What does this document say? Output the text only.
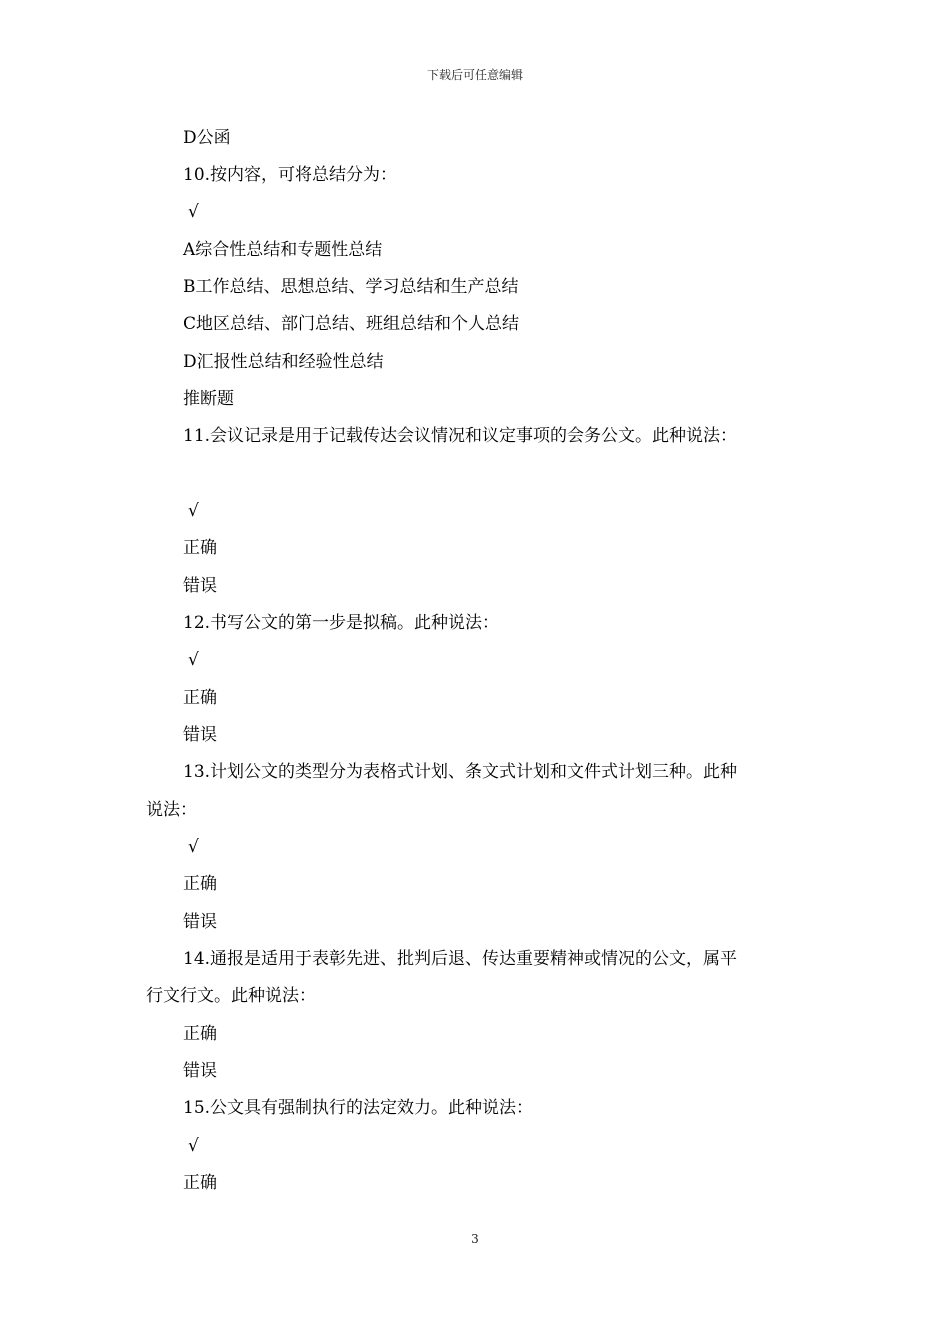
下载后可任意编辑
D公函
10.按内容，可将总结分为：
√
A综合性总结和专题性总结
B工作总结、思想总结、学习总结和生产总结
C地区总结、部门总结、班组总结和个人总结
D汇报性总结和经验性总结
推断题
11.会议记录是用于记载传达会议情况和议定事项的会务公文。此种说法：
√
正确
错误
12.书写公文的第一步是拟稿。此种说法：
√
正确
错误
13.计划公文的类型分为表格式计划、条文式计划和文件式计划三种。此种
说法：
√
正确
错误
14.通报是适用于表彰先进、批判后退、传达重要精神或情况的公文，属平
行文行文。此种说法：
正确
错误
15.公文具有强制执行的法定效力。此种说法：
√
正确
3
